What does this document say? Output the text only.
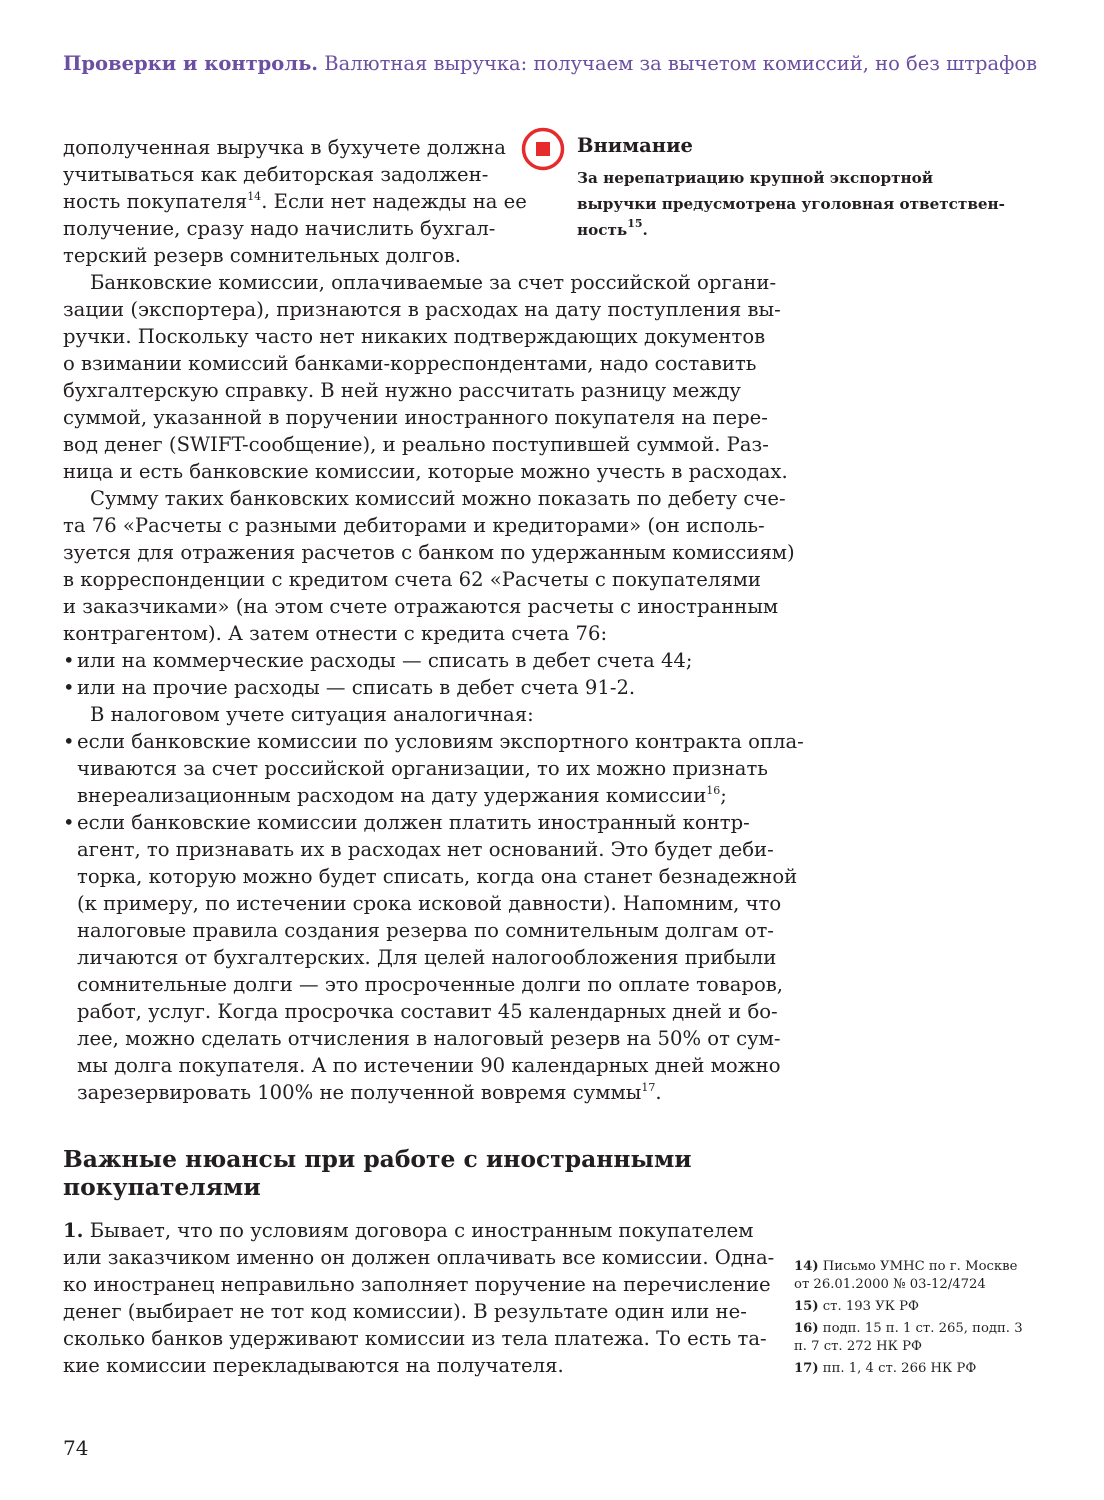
Проверки и контроль. Валютная выручка: получаем за вычетом комиссий, но без штрафов
дополученная выручка в бухучете должна
учитываться как дебиторская задолжен-
ность покупателя$^{14}$. Если нет надежды на ее
получение, сразу надо начислить бухгал-
терский резерв сомнительных долгов.
Внимание
За нерепатриацию крупной экспортной
выручки предусмотрена уголовная ответствен-
ность$^{15}$.
Банковские комиссии, оплачиваемые за счет российской органи-
зации (экспортера), признаются в расходах на дату поступления вы-
ручки. Поскольку часто нет никаких подтверждающих документов
о взимании комиссий банками-корреспондентами, надо составить
бухгалтерскую справку. В ней нужно рассчитать разницу между
суммой, указанной в поручении иностранного покупателя на пере-
вод денег (SWIFT-сообщение), и реально поступившей суммой. Раз-
ница и есть банковские комиссии, которые можно учесть в расходах.
Сумму таких банковских комиссий можно показать по дебету сче-
та 76 «Расчеты с разными дебиторами и кредиторами» (он исполь-
зуется для отражения расчетов с банком по удержанным комиссиям)
в корреспонденции с кредитом счета 62 «Расчеты с покупателями
и заказчиками» (на этом счете отражаются расчеты с иностранным
контрагентом). А затем отнести с кредита счета 76:
• или на коммерческие расходы — списать в дебет счета 44;
• или на прочие расходы — списать в дебет счета 91-2.
В налоговом учете ситуация аналогичная:
• если банковские комиссии по условиям экспортного контракта опла-
чиваются за счет российской организации, то их можно признать
внереализационным расходом на дату удержания комиссии$^{16}$;
• если банковские комиссии должен платить иностранный контр-
агент, то признавать их в расходах нет оснований. Это будет деби-
торка, которую можно будет списать, когда она станет безнадежной
(к примеру, по истечении срока исковой давности). Напомним, что
налоговые правила создания резерва по сомнительным долгам от-
личаются от бухгалтерских. Для целей налогообложения прибыли
сомнительные долги — это просроченные долги по оплате товаров,
работ, услуг. Когда просрочка составит 45 календарных дней и бо-
лее, можно сделать отчисления в налоговый резерв на 50% от сум-
мы долга покупателя. А по истечении 90 календарных дней можно
зарезервировать 100% не полученной вовремя суммы$^{17}$.
Важные нюансы при работе с иностранными
покупателями
1. Бывает, что по условиям договора с иностранным покупателем
или заказчиком именно он должен оплачивать все комиссии. Одна-
ко иностранец неправильно заполняет поручение на перечисление
денег (выбирает не тот код комиссии). В результате один или не-
сколько банков удерживают комиссии из тела платежа. То есть та-
кие комиссии перекладываются на получателя.
14) Письмо УМНС по г. Москве от 26.01.2000 № 03-12/4724
15) ст. 193 УК РФ
16) подп. 15 п. 1 ст. 265, подп. 3 п. 7 ст. 272 НК РФ
17) пп. 1, 4 ст. 266 НК РФ
74
